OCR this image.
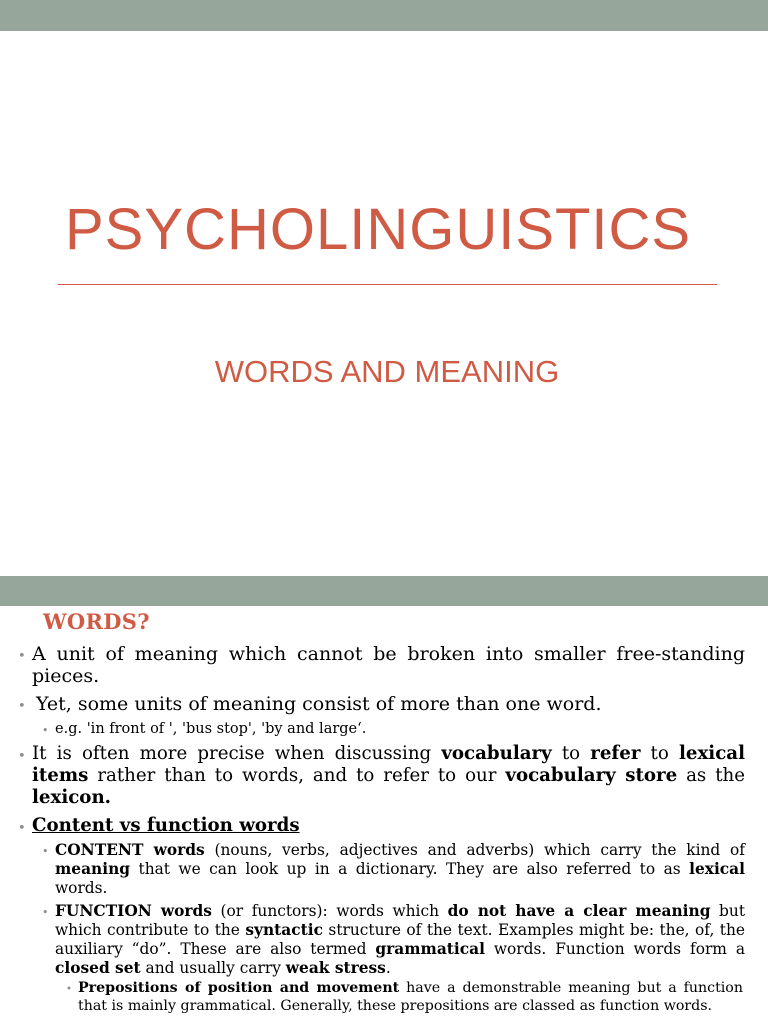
PSYCHOLINGUISTICS
WORDS AND MEANING
WORDS?
• A unit of meaning which cannot be broken into smaller free-standing pieces.
• Yet, some units of meaning consist of more than one word.
• e.g. 'in front of ', 'bus stop', 'by and large‘.
• It is often more precise when discussing vocabulary to refer to lexical items rather than to words, and to refer to our vocabulary store as the lexicon.
• Content vs function words
• CONTENT words (nouns, verbs, adjectives and adverbs) which carry the kind of meaning that we can look up in a dictionary. They are also referred to as lexical words.
• FUNCTION words (or functors): words which do not have a clear meaning but which contribute to the syntactic structure of the text. Examples might be: the, of, the auxiliary “do”. These are also termed grammatical words. Function words form a closed set and usually carry weak stress.
• Prepositions of position and movement have a demonstrable meaning but a function that is mainly grammatical. Generally, these prepositions are classed as function words.
